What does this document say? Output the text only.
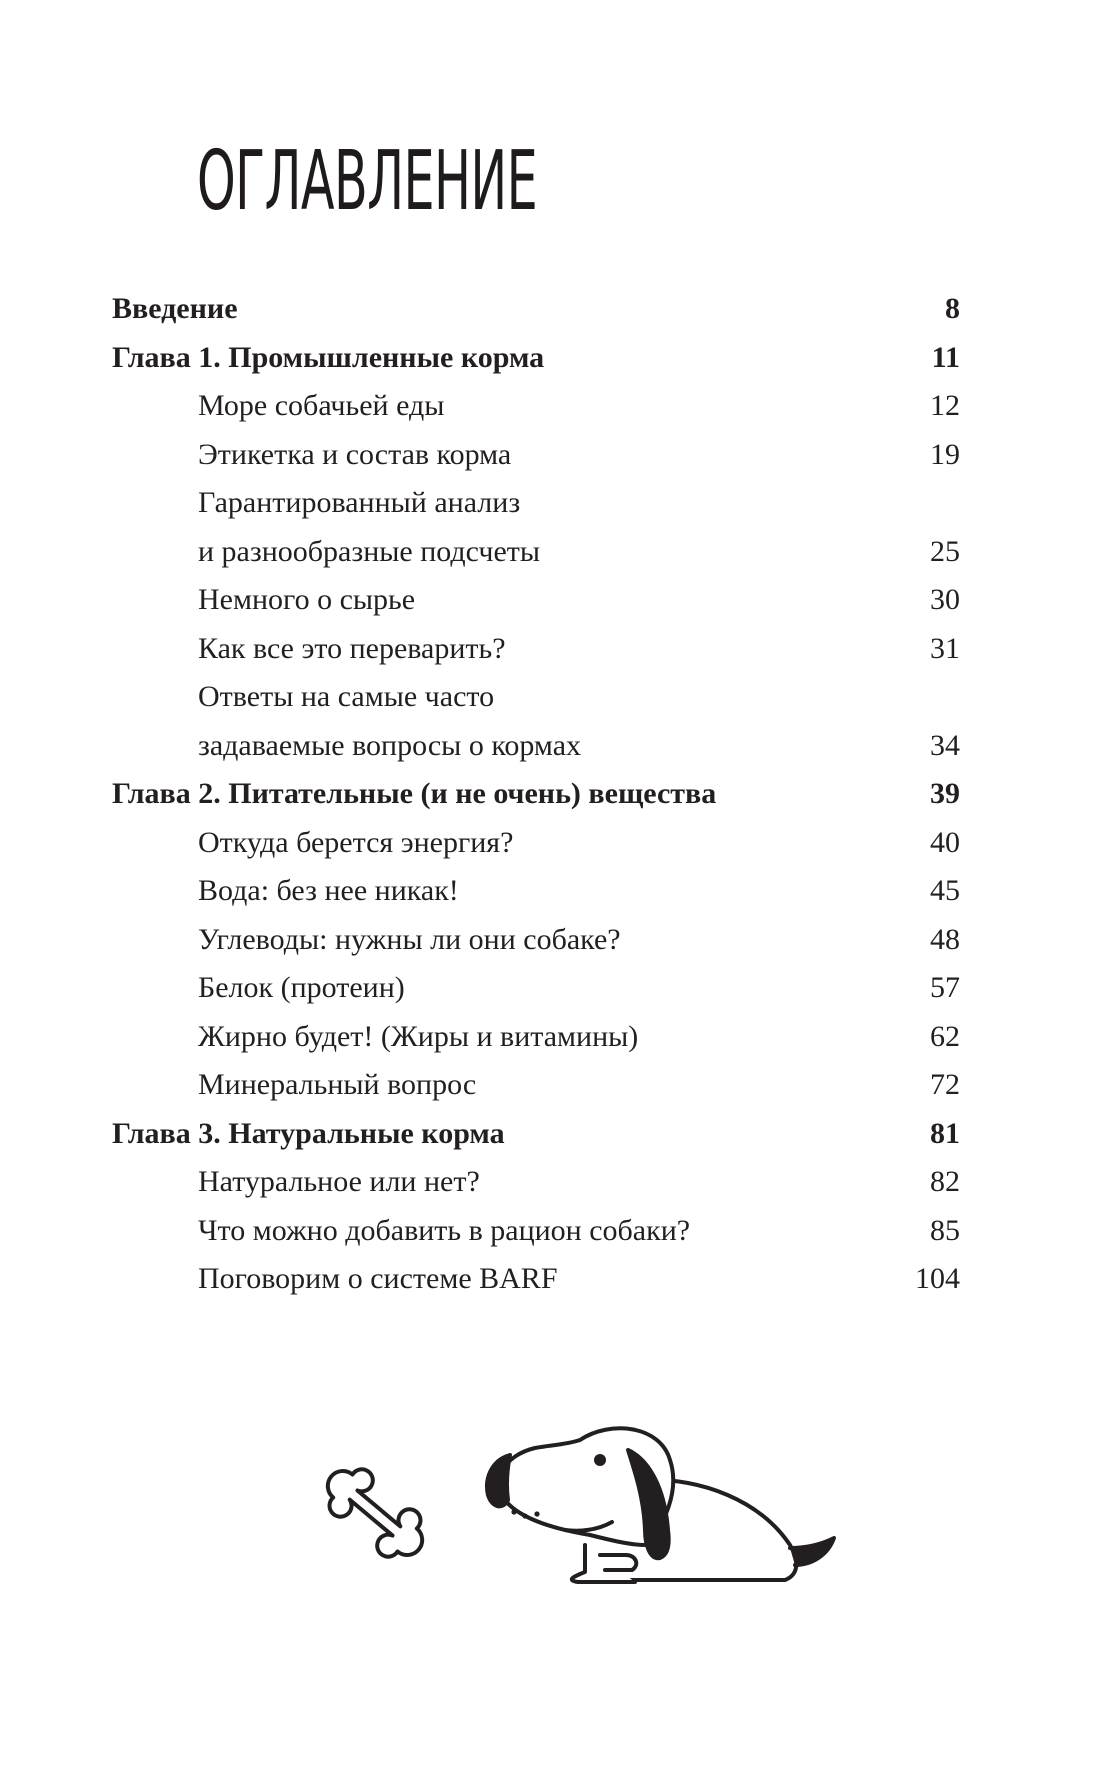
ОГЛАВЛЕНИЕ
Введение	8
Глава 1. Промышленные корма	11
Море собачьей еды	12
Этикетка и состав корма	19
Гарантированный анализ
и разнообразные подсчеты	25
Немного о сырье	30
Как все это переварить?	31
Ответы на самые часто
задаваемые вопросы о кормах	34
Глава 2. Питательные (и не очень) вещества	39
Откуда берется энергия?	40
Вода: без нее никак!	45
Углеводы: нужны ли они собаке?	48
Белок (протеин)	57
Жирно будет! (Жиры и витамины)	62
Минеральный вопрос	72
Глава 3. Натуральные корма	81
Натуральное или нет?	82
Что можно добавить в рацион собаки?	85
Поговорим о системе BARF	104
